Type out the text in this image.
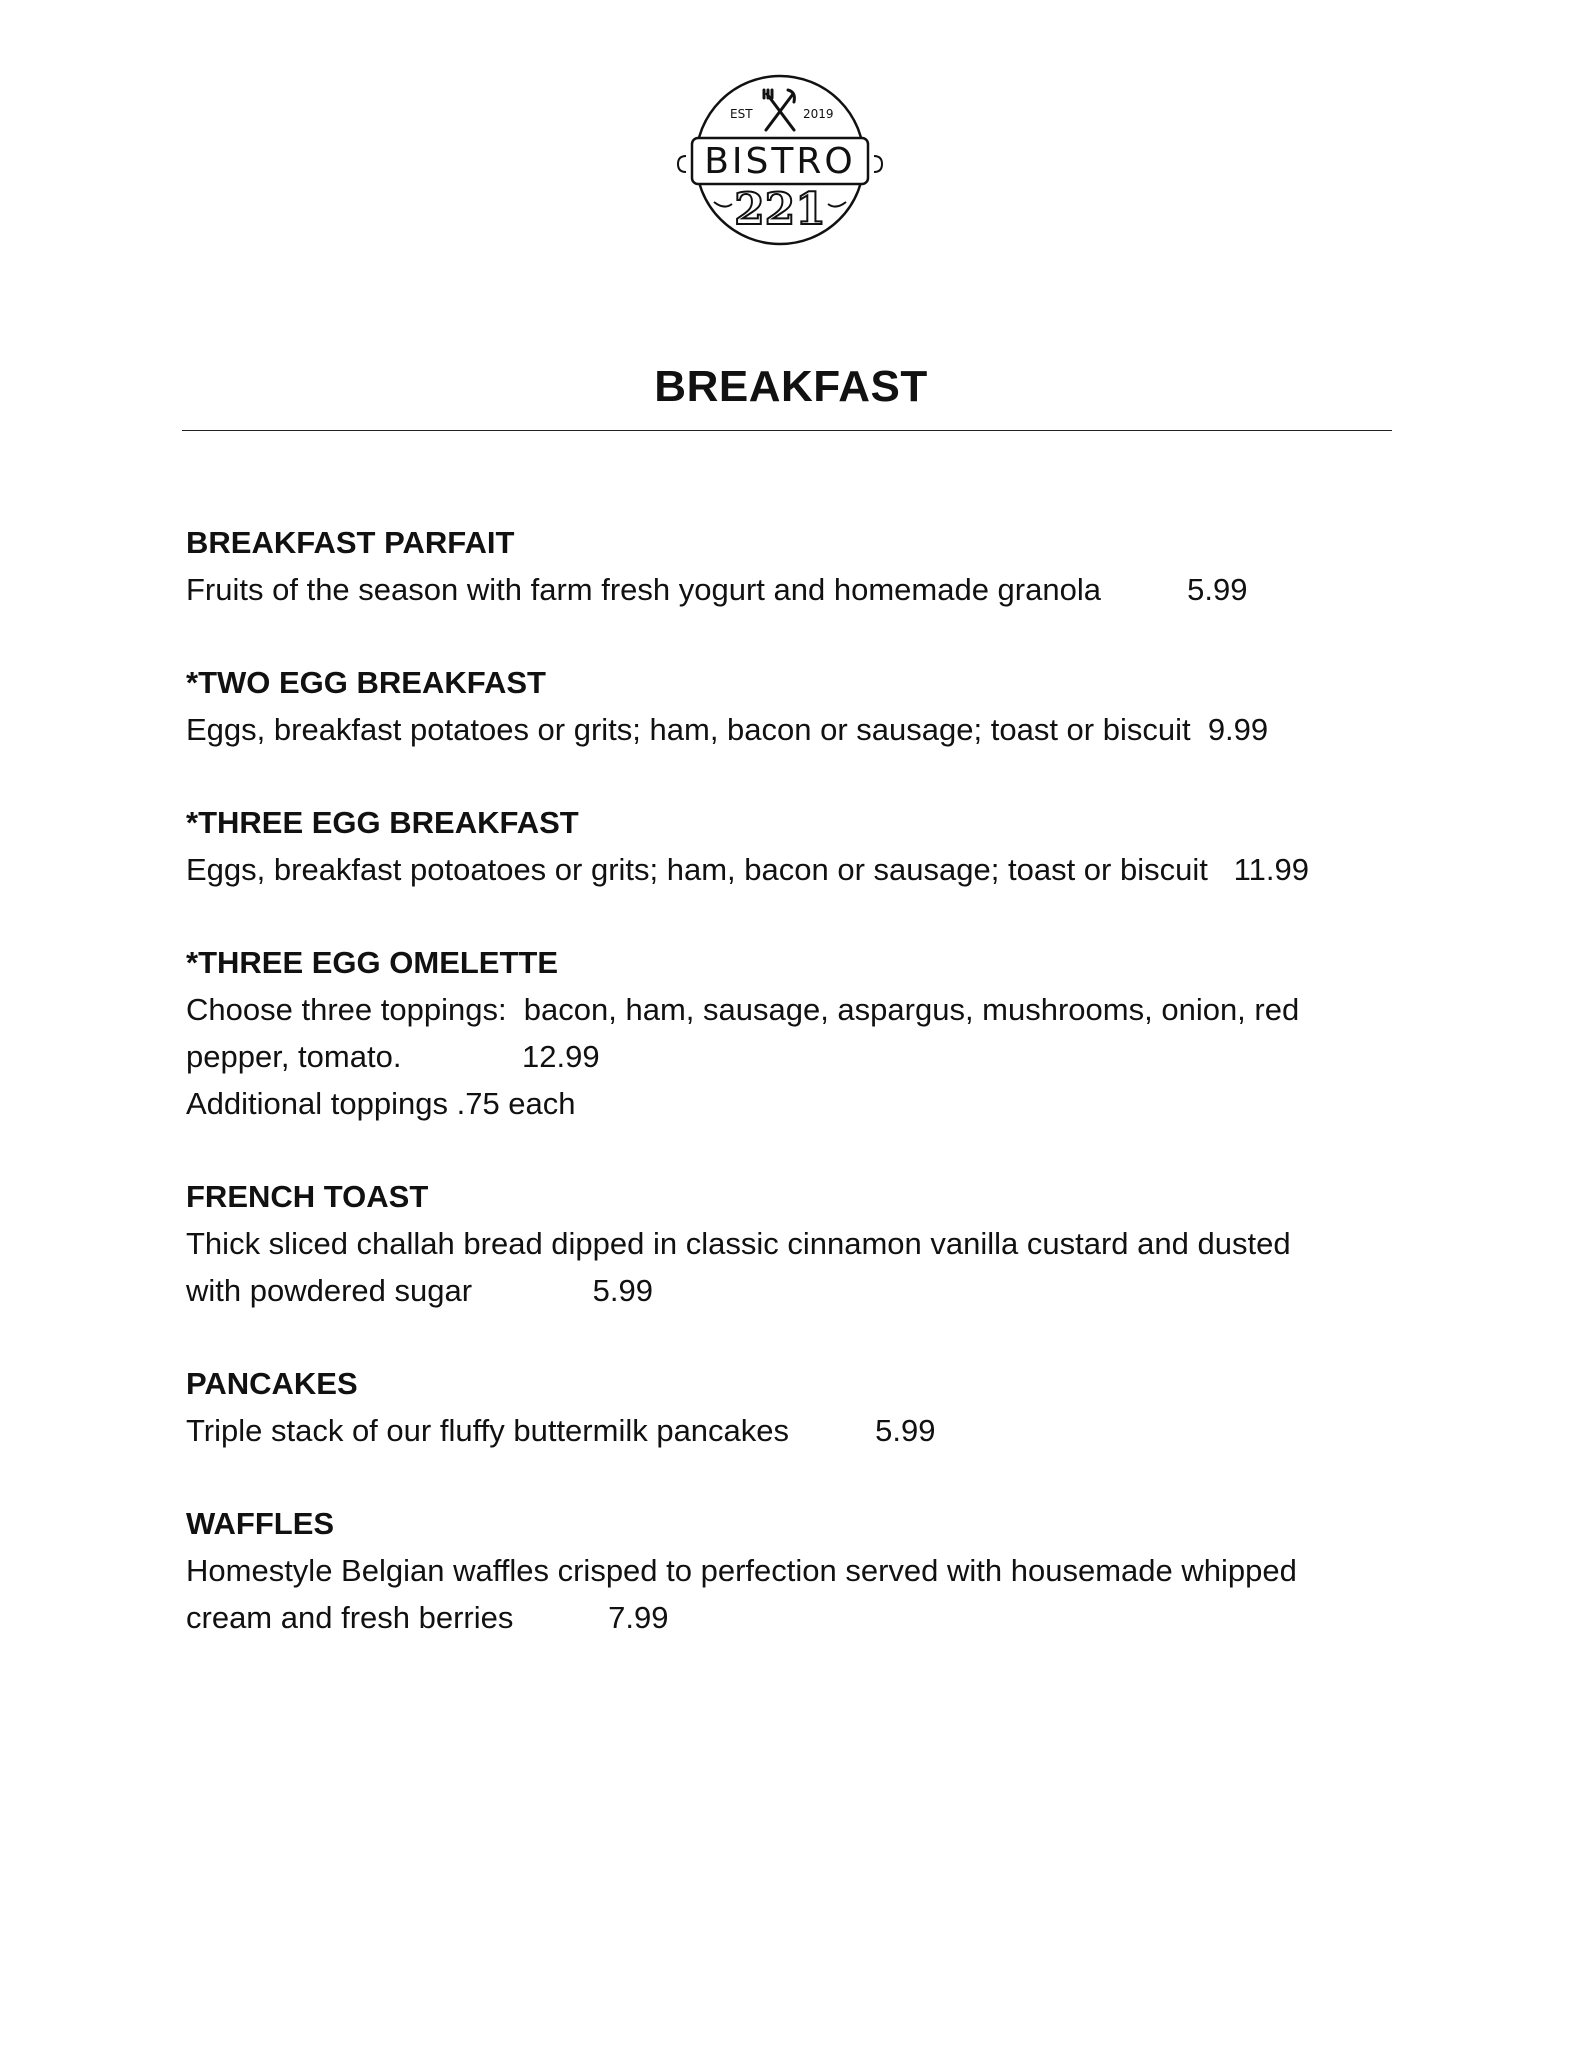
EST	2019
BISTRO
221
BREAKFAST

BREAKFAST PARFAIT

Fruits of the season with farm fresh yogurt and homemade granola          5.99

*TWO EGG BREAKFAST

Eggs, breakfast potatoes or grits; ham, bacon or sausage; toast or biscuit  9.99

*THREE EGG BREAKFAST

Eggs, breakfast potoatoes or grits; ham, bacon or sausage; toast or biscuit   11.99

*THREE EGG OMELETTE

Choose three toppings:  bacon, ham, sausage, aspargus, mushrooms, onion, red

pepper, tomato.              12.99

Additional toppings .75 each

FRENCH TOAST

Thick sliced challah bread dipped in classic cinnamon vanilla custard and dusted

with powdered sugar              5.99

PANCAKES

Triple stack of our fluffy buttermilk pancakes          5.99

WAFFLES

Homestyle Belgian waffles crisped to perfection served with housemade whipped

cream and fresh berries           7.99
